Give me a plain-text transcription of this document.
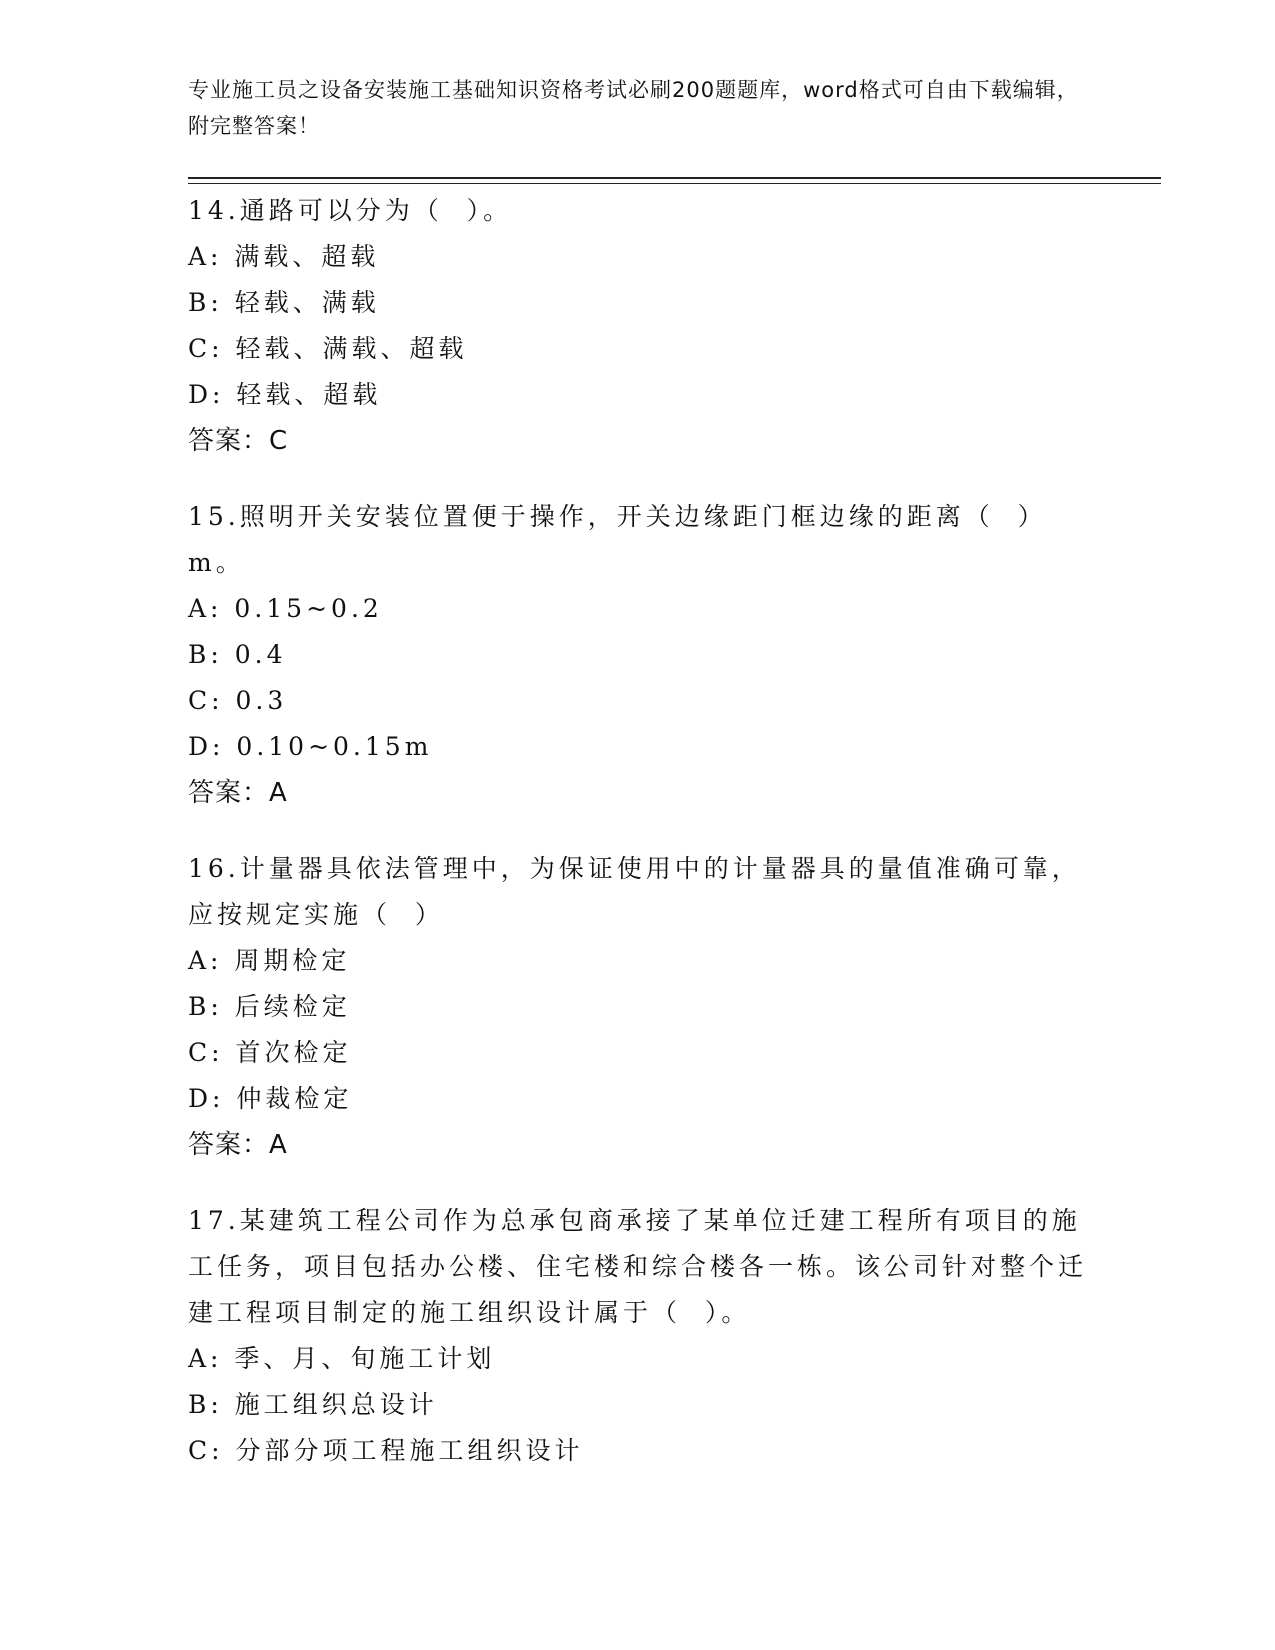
专业施工员之设备安装施工基础知识资格考试必刷200题题库，word格式可自由下载编辑，附完整答案！

14.通路可以分为（  ）。

A: 满载、超载

B: 轻载、满载

C: 轻载、满载、超载

D: 轻载、超载

答案：C

15.照明开关安装位置便于操作，开关边缘距门框边缘的距离（  ）m。

A: 0.15~0.2

B: 0.4

C: 0.3

D: 0.10~0.15m

答案：A

16.计量器具依法管理中，为保证使用中的计量器具的量值准确可靠，应按规定实施（  ）

A: 周期检定

B: 后续检定

C: 首次检定

D: 仲裁检定

答案：A

17.某建筑工程公司作为总承包商承接了某单位迁建工程所有项目的施工任务，项目包括办公楼、住宅楼和综合楼各一栋。该公司针对整个迁建工程项目制定的施工组织设计属于（  ）。

A: 季、月、旬施工计划

B: 施工组织总设计

C: 分部分项工程施工组织设计
